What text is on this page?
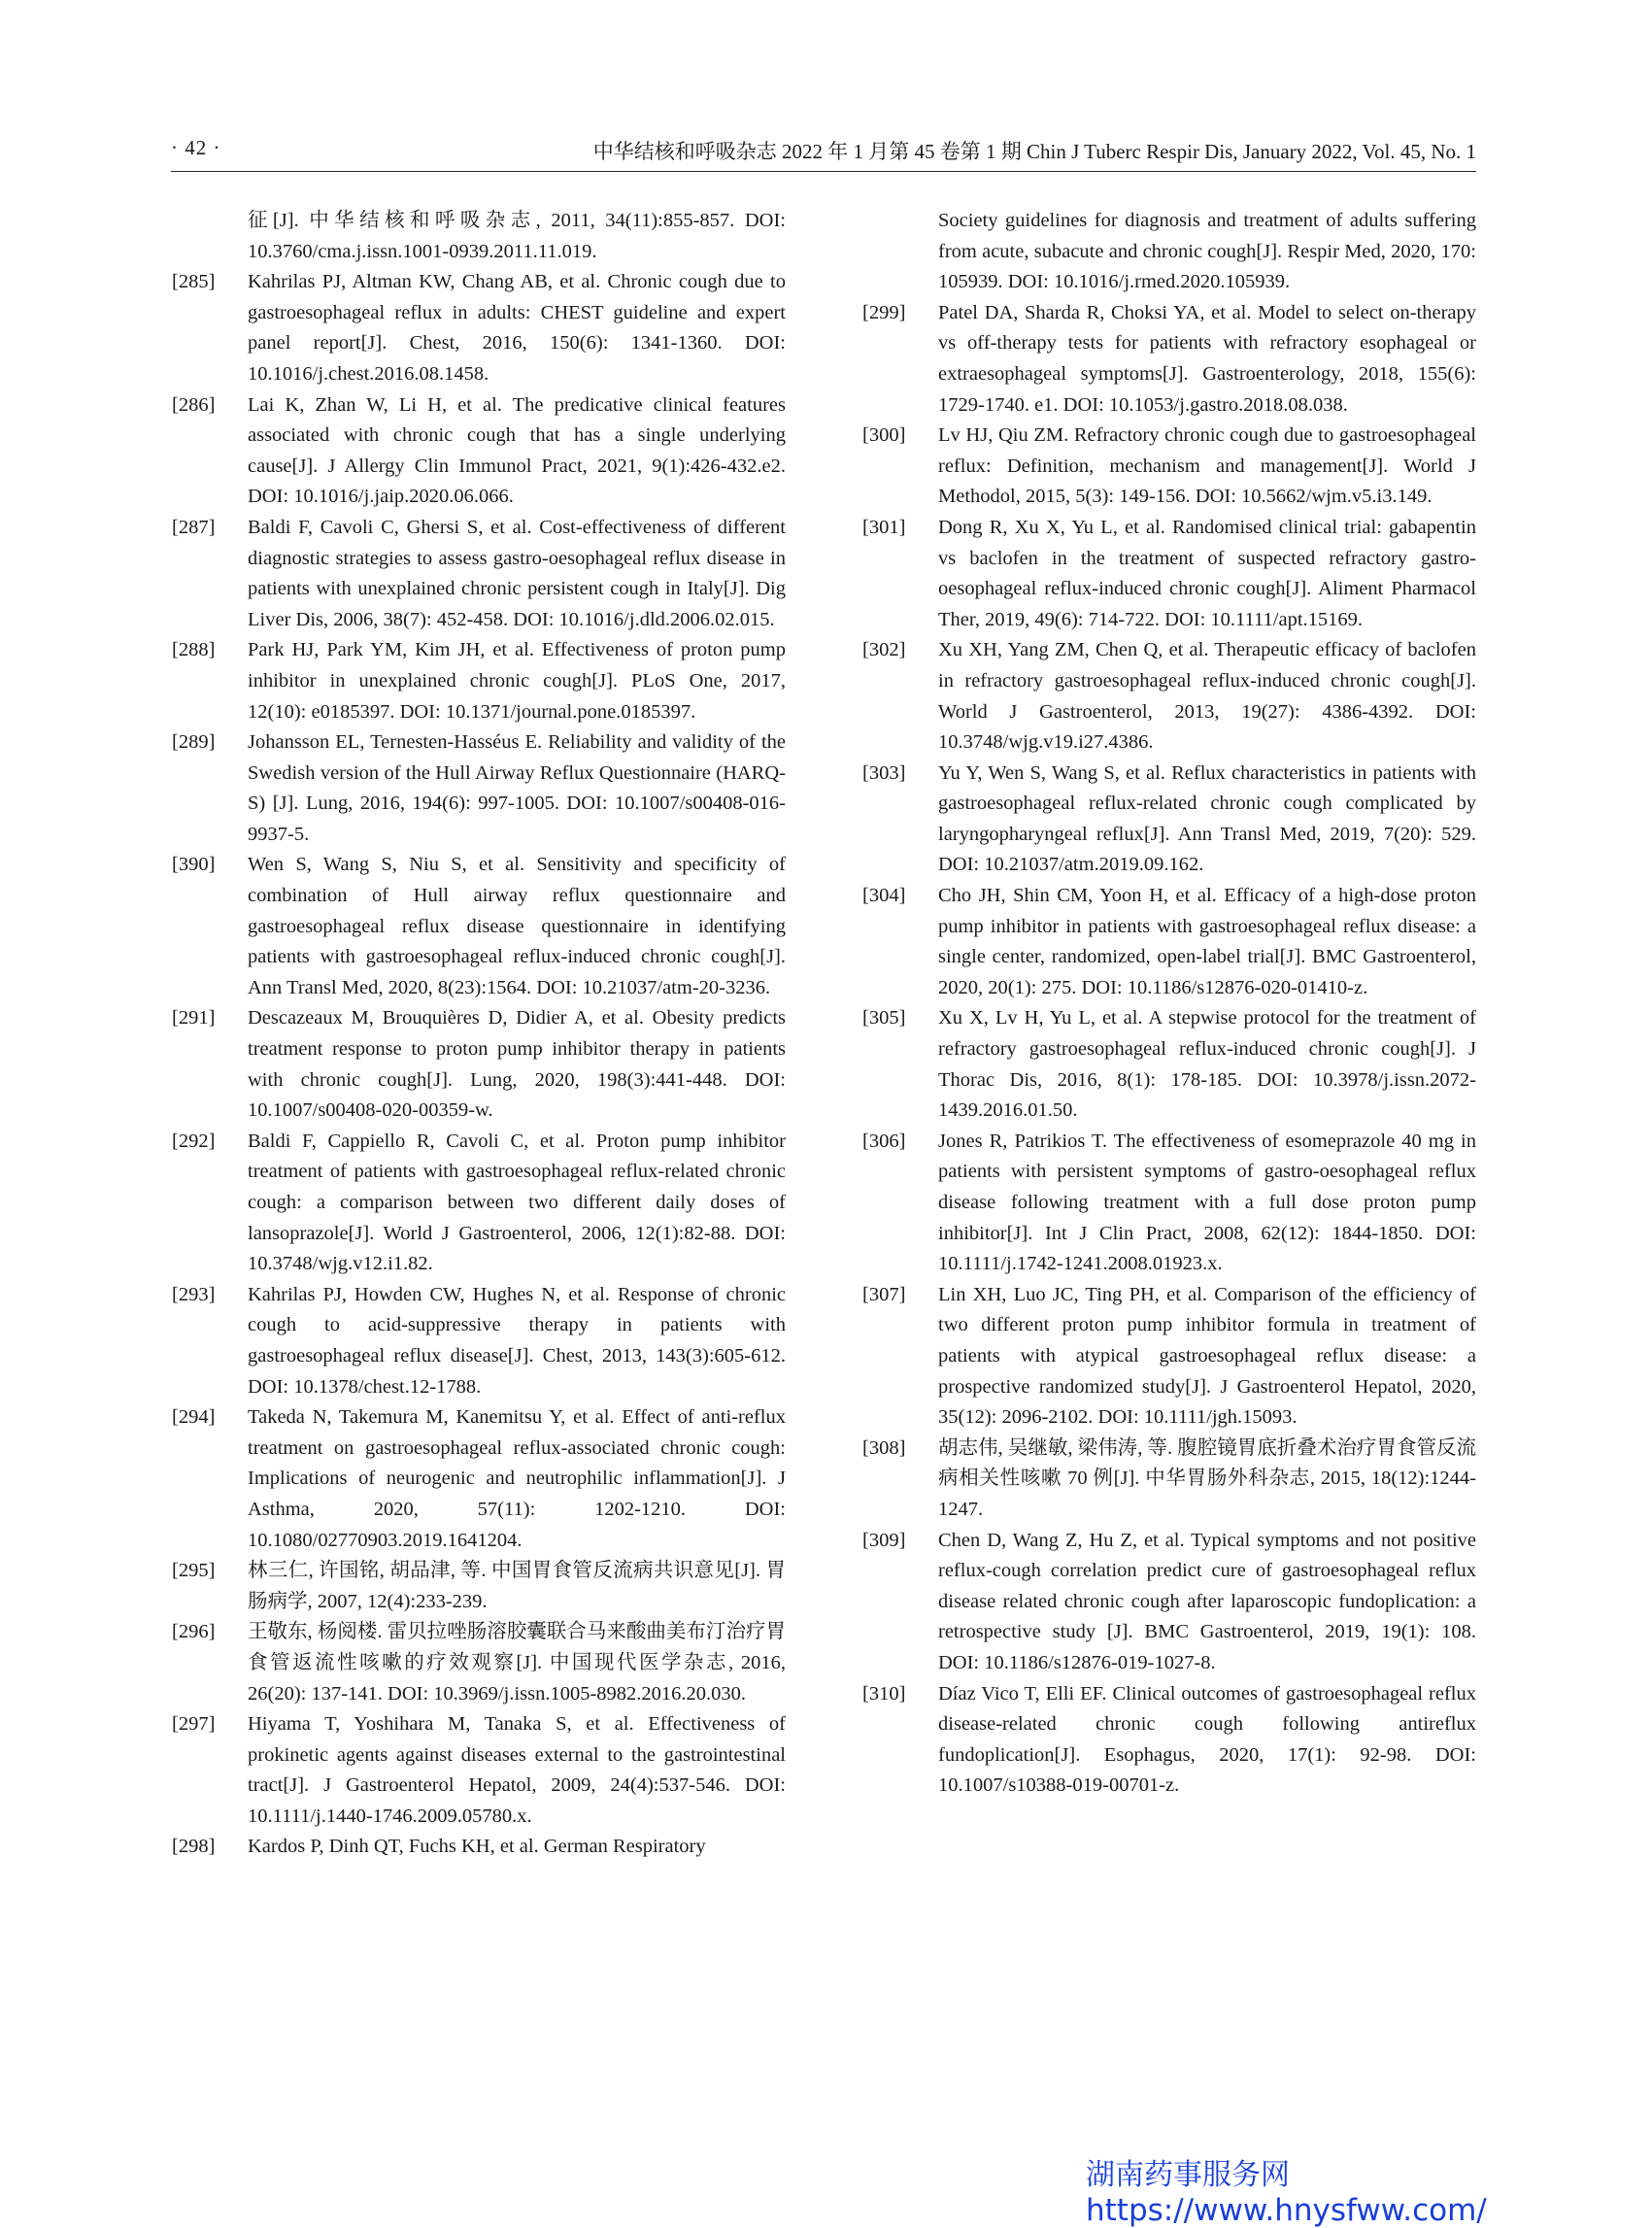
· 42 ·	中华结核和呼吸杂志 2022 年 1 月第 45 卷第 1 期 Chin J Tuberc Respir Dis, January 2022, Vol. 45, No. 1
征[J]. 中华结核和呼吸杂志, 2011, 34(11):855-857. DOI: 10.3760/cma.j.issn.1001-0939.2011.11.019.
[285]	Kahrilas PJ, Altman KW, Chang AB, et al. Chronic cough due to gastroesophageal reflux in adults: CHEST guideline and expert panel report[J]. Chest, 2016, 150(6): 1341-1360. DOI: 10.1016/j.chest.2016.08.1458.
[286]	Lai K, Zhan W, Li H, et al. The predicative clinical features associated with chronic cough that has a single underlying cause[J]. J Allergy Clin Immunol Pract, 2021, 9(1):426-432.e2. DOI: 10.1016/j.jaip.2020.06.066.
[287]	Baldi F, Cavoli C, Ghersi S, et al. Cost-effectiveness of different diagnostic strategies to assess gastro-oesophageal reflux disease in patients with unexplained chronic persistent cough in Italy[J]. Dig Liver Dis, 2006, 38(7): 452-458. DOI: 10.1016/j.dld.2006.02.015.
[288]	Park HJ, Park YM, Kim JH, et al. Effectiveness of proton pump inhibitor in unexplained chronic cough[J]. PLoS One, 2017, 12(10): e0185397. DOI: 10.1371/journal.pone.0185397.
[289]	Johansson EL, Ternesten-Hasséus E. Reliability and validity of the Swedish version of the Hull Airway Reflux Questionnaire (HARQ-S) [J]. Lung, 2016, 194(6): 997-1005. DOI: 10.1007/s00408-016-9937-5.
[390]	Wen S, Wang S, Niu S, et al. Sensitivity and specificity of combination of Hull airway reflux questionnaire and gastroesophageal reflux disease questionnaire in identifying patients with gastroesophageal reflux-induced chronic cough[J]. Ann Transl Med, 2020, 8(23):1564. DOI: 10.21037/atm-20-3236.
[291]	Descazeaux M, Brouquières D, Didier A, et al. Obesity predicts treatment response to proton pump inhibitor therapy in patients with chronic cough[J]. Lung, 2020, 198(3):441-448. DOI: 10.1007/s00408-020-00359-w.
[292]	Baldi F, Cappiello R, Cavoli C, et al. Proton pump inhibitor treatment of patients with gastroesophageal reflux-related chronic cough: a comparison between two different daily doses of lansoprazole[J]. World J Gastroenterol, 2006, 12(1):82-88. DOI: 10.3748/wjg.v12.i1.82.
[293]	Kahrilas PJ, Howden CW, Hughes N, et al. Response of chronic cough to acid-suppressive therapy in patients with gastroesophageal reflux disease[J]. Chest, 2013, 143(3):605-612. DOI: 10.1378/chest.12-1788.
[294]	Takeda N, Takemura M, Kanemitsu Y, et al. Effect of anti-reflux treatment on gastroesophageal reflux-associated chronic cough: Implications of neurogenic and neutrophilic inflammation[J]. J Asthma, 2020, 57(11): 1202-1210. DOI: 10.1080/02770903.2019.1641204.
[295]	林三仁, 许国铭, 胡品津, 等. 中国胃食管反流病共识意见[J]. 胃肠病学, 2007, 12(4):233-239.
[296]	王敬东, 杨阅楼. 雷贝拉唑肠溶胶囊联合马来酸曲美布汀治疗胃食管返流性咳嗽的疗效观察[J]. 中国现代医学杂志, 2016, 26(20): 137-141. DOI: 10.3969/j.issn.1005-8982.2016.20.030.
[297]	Hiyama T, Yoshihara M, Tanaka S, et al. Effectiveness of prokinetic agents against diseases external to the gastrointestinal tract[J]. J Gastroenterol Hepatol, 2009, 24(4):537-546. DOI: 10.1111/j.1440-1746.2009.05780.x.
[298]	Kardos P, Dinh QT, Fuchs KH, et al. German Respiratory
Society guidelines for diagnosis and treatment of adults suffering from acute, subacute and chronic cough[J]. Respir Med, 2020, 170: 105939. DOI: 10.1016/j.rmed.2020.105939.
[299]	Patel DA, Sharda R, Choksi YA, et al. Model to select on-therapy vs off-therapy tests for patients with refractory esophageal or extraesophageal symptoms[J]. Gastroenterology, 2018, 155(6): 1729-1740. e1. DOI: 10.1053/j.gastro.2018.08.038.
[300]	Lv HJ, Qiu ZM. Refractory chronic cough due to gastroesophageal reflux: Definition, mechanism and management[J]. World J Methodol, 2015, 5(3): 149-156. DOI: 10.5662/wjm.v5.i3.149.
[301]	Dong R, Xu X, Yu L, et al. Randomised clinical trial: gabapentin vs baclofen in the treatment of suspected refractory gastro-oesophageal reflux-induced chronic cough[J]. Aliment Pharmacol Ther, 2019, 49(6): 714-722. DOI: 10.1111/apt.15169.
[302]	Xu XH, Yang ZM, Chen Q, et al. Therapeutic efficacy of baclofen in refractory gastroesophageal reflux-induced chronic cough[J]. World J Gastroenterol, 2013, 19(27): 4386-4392. DOI: 10.3748/wjg.v19.i27.4386.
[303]	Yu Y, Wen S, Wang S, et al. Reflux characteristics in patients with gastroesophageal reflux-related chronic cough complicated by laryngopharyngeal reflux[J]. Ann Transl Med, 2019, 7(20): 529. DOI: 10.21037/atm.2019.09.162.
[304]	Cho JH, Shin CM, Yoon H, et al. Efficacy of a high-dose proton pump inhibitor in patients with gastroesophageal reflux disease: a single center, randomized, open-label trial[J]. BMC Gastroenterol, 2020, 20(1): 275. DOI: 10.1186/s12876-020-01410-z.
[305]	Xu X, Lv H, Yu L, et al. A stepwise protocol for the treatment of refractory gastroesophageal reflux-induced chronic cough[J]. J Thorac Dis, 2016, 8(1): 178-185. DOI: 10.3978/j.issn.2072-1439.2016.01.50.
[306]	Jones R, Patrikios T. The effectiveness of esomeprazole 40 mg in patients with persistent symptoms of gastro-oesophageal reflux disease following treatment with a full dose proton pump inhibitor[J]. Int J Clin Pract, 2008, 62(12): 1844-1850. DOI: 10.1111/j.1742-1241.2008.01923.x.
[307]	Lin XH, Luo JC, Ting PH, et al. Comparison of the efficiency of two different proton pump inhibitor formula in treatment of patients with atypical gastroesophageal reflux disease: a prospective randomized study[J]. J Gastroenterol Hepatol, 2020, 35(12): 2096-2102. DOI: 10.1111/jgh.15093.
[308]	胡志伟, 吴继敏, 梁伟涛, 等. 腹腔镜胃底折叠术治疗胃食管反流病相关性咳嗽 70 例[J]. 中华胃肠外科杂志, 2015, 18(12):1244-1247.
[309]	Chen D, Wang Z, Hu Z, et al. Typical symptoms and not positive reflux-cough correlation predict cure of gastroesophageal reflux disease related chronic cough after laparoscopic fundoplication: a retrospective study [J]. BMC Gastroenterol, 2019, 19(1): 108. DOI: 10.1186/s12876-019-1027-8.
[310]	Díaz Vico T, Elli EF. Clinical outcomes of gastroesophageal reflux disease-related chronic cough following antireflux fundoplication[J]. Esophagus, 2020, 17(1): 92-98. DOI: 10.1007/s10388-019-00701-z.
湖南药事服务网
https://www.hnysfww.com/
